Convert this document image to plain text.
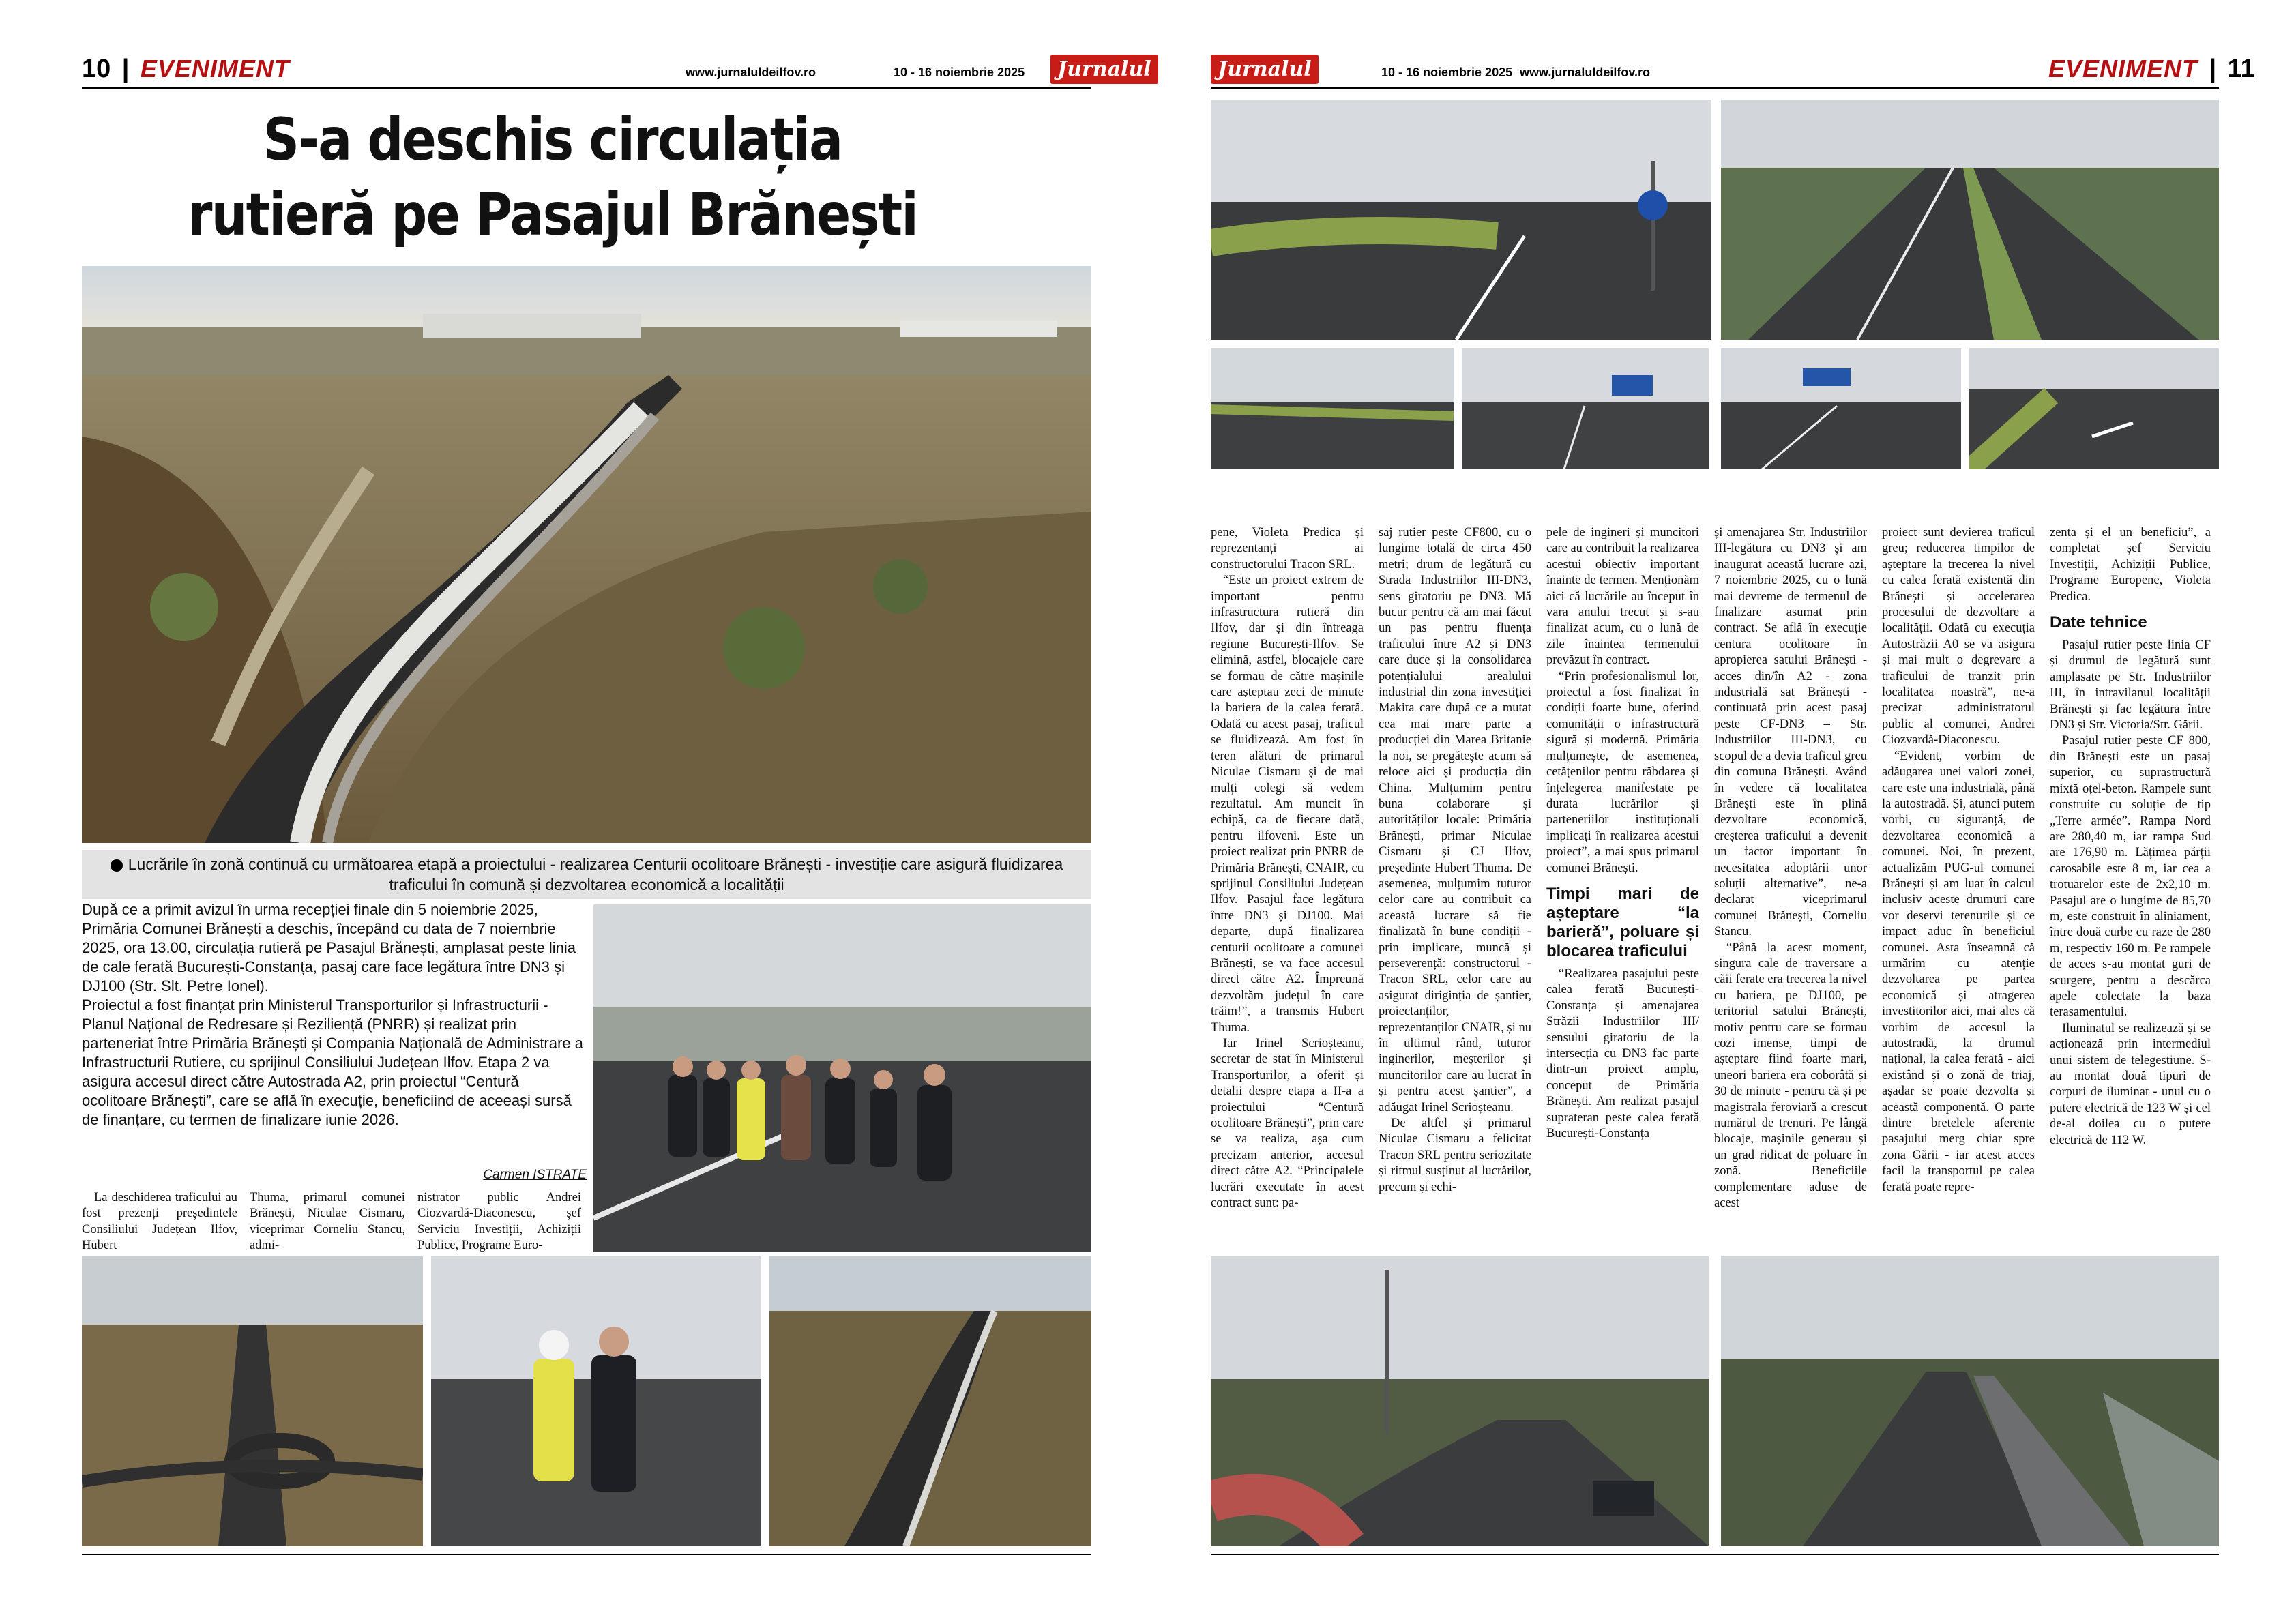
10 | EVENIMENT	www.jurnaluldeilfov.ro	10 - 16 noiembrie 2025	Jurnalul
S-a deschis circulația rutieră pe Pasajul Brănești
Lucrările în zonă continuă cu următoarea etapă a proiectului - realizarea Centurii ocolitoare Brănești - investiție care asigură fluidizarea traficului în comună și dezvoltarea economică a localității

După ce a primit avizul în urma recepției finale din 5 noiembrie 2025, Primăria Comunei Brănești a deschis, începând cu data de 7 noiembrie 2025, ora 13.00, circulația rutieră pe Pasajul Brănești, amplasat peste linia de cale ferată București-Constanța, pasaj care face legătura între DN3 și DJ100 (Str. Slt. Petre Ionel).

Proiectul a fost finanțat prin Ministerul Transporturilor și Infrastructurii - Planul Național de Redresare și Reziliență (PNRR) și realizat prin parteneriat între Primăria Brănești și Compania Națională de Administrare a Infrastructurii Rutiere, cu sprijinul Consiliului Județean Ilfov. Etapa 2 va asigura accesul direct către Autostrada A2, prin proiectul “Centură ocolitoare Brănești”, care se află în execuție, beneficiind de aceeași sursă de finanțare, cu termen de finalizare iunie 2026.

Carmen ISTRATE

La deschiderea traficului au fost prezenți președintele Consiliului Județean Ilfov, Hubert

Thuma, primarul comunei Brănești, Niculae Cismaru, viceprimar Corneliu Stancu, admi-

nistrator public Andrei Ciozvardă-Diaconescu, șef Serviciu Investiții, Achiziții Publice, Programe Euro-

Jurnalul	10 - 16 noiembrie 2025 www.jurnaluldeilfov.ro	EVENIMENT | 11

pene, Violeta Predica și reprezentanți ai constructorului Tracon SRL.

“Este un proiect extrem de important pentru infrastructura rutieră din Ilfov, dar și din întreaga regiune București-Ilfov. Se elimină, astfel, blocajele care se formau de către mașinile care așteptau zeci de minute la bariera de la calea ferată. Odată cu acest pasaj, traficul se fluidizează. Am fost în teren alături de primarul Niculae Cismaru și de mai mulți colegi să vedem rezultatul. Am muncit în echipă, ca de fiecare dată, pentru ilfoveni. Este un proiect realizat prin PNRR de Primăria Brănești, CNAIR, cu sprijinul Consiliului Județean Ilfov. Pasajul face legătura între DN3 și DJ100. Mai departe, după finalizarea centurii ocolitoare a comunei Brănești, se va face accesul direct către A2. Împreună dezvoltăm județul în care trăim!”, a transmis Hubert Thuma.

Iar Irinel Scrioșteanu, secretar de stat în Ministerul Transporturilor, a oferit și detalii despre etapa a II-a a proiectului “Centură ocolitoare Brănești”, prin care se va realiza, așa cum precizam anterior, accesul direct către A2. “Principalele lucrări executate în acest contract sunt: pa-

saj rutier peste CF800, cu o lungime totală de circa 450 metri; drum de legătură cu Strada Industriilor III-DN3, sens giratoriu pe DN3. Mă bucur pentru că am mai făcut un pas pentru fluența traficului între A2 și DN3 care duce și la consolidarea potențialului arealului industrial din zona investiției Makita care după ce a mutat cea mai mare parte a producției din Marea Britanie la noi, se pregătește acum să reloce aici și producția din China. Mulțumim pentru buna colaborare și autorităților locale: Primăria Brănești, primar Niculae Cismaru și CJ Ilfov, președinte Hubert Thuma. De asemenea, mulțumim tuturor celor care au contribuit ca această lucrare să fie finalizată în bune condiții - prin implicare, muncă și perseverență: constructorul - Tracon SRL, celor care au asigurat diriginția de șantier, proiectanților, reprezentanților CNAIR, și nu în ultimul rând, tuturor inginerilor, meșterilor și muncitorilor care au lucrat în și pentru acest șantier”, a adăugat Irinel Scrioșteanu.

De altfel și primarul Niculae Cismaru a felicitat Tracon SRL pentru seriozitate și ritmul susținut al lucrărilor, precum și echi-

pele de ingineri și muncitori care au contribuit la realizarea acestui obiectiv important înainte de termen. Menționăm aici că lucrările au început în vara anului trecut și s-au finalizat acum, cu o lună de zile înaintea termenului prevăzut în contract.

“Prin profesionalismul lor, proiectul a fost finalizat în condiții foarte bune, oferind comunității o infrastructură sigură și modernă. Primăria mulțumește, de asemenea, cetățenilor pentru răbdarea și înțelegerea manifestate pe durata lucrărilor și parteneriilor instituționali implicați în realizarea acestui proiect”, a mai spus primarul comunei Brănești.

Timpi mari de așteptare “la barieră”, poluare și blocarea traficului

“Realizarea pasajului peste calea ferată București-Constanța și amenajarea Străzii Industriilor III/ sensului giratoriu de la intersecția cu DN3 fac parte dintr-un proiect amplu, conceput de Primăria Brănești. Am realizat pasajul suprateran peste calea ferată București-Constanța

și amenajarea Str. Industriilor III-legătura cu DN3 și am inaugurat această lucrare azi, 7 noiembrie 2025, cu o lună mai devreme de termenul de finalizare asumat prin contract. Se află în execuție centura ocolitoare în apropierea satului Brănești - acces din/în A2 - zona industrială sat Brănești - continuată prin acest pasaj peste CF-DN3 – Str. Industriilor III-DN3, cu scopul de a devia traficul greu din comuna Brănești. Având în vedere că localitatea Brănești este în plină dezvoltare economică, creșterea traficului a devenit un factor important în necesitatea adoptării unor soluții alternative”, ne-a declarat viceprimarul comunei Brănești, Corneliu Stancu.

“Până la acest moment, singura cale de traversare a căii ferate era trecerea la nivel cu bariera, pe DJ100, pe teritoriul satului Brănești, motiv pentru care se formau cozi imense, timpi de așteptare fiind foarte mari, uneori bariera era coborâtă și 30 de minute - pentru că și pe magistrala feroviară a crescut numărul de trenuri. Pe lângă blocaje, mașinile generau și un grad ridicat de poluare în zonă. Beneficiile complementare aduse de acest

proiect sunt devierea traficul greu; reducerea timpilor de așteptare la trecerea la nivel cu calea ferată existentă din Brănești și accelerarea procesului de dezvoltare a localității. Odată cu execuția Autostrăzii A0 se va asigura și mai mult o degrevare a traficului de tranzit prin localitatea noastră”, ne-a precizat administratorul public al comunei, Andrei Ciozvardă-Diaconescu.

“Evident, vorbim de adăugarea unei valori zonei, care este una industrială, până la autostradă. Și, atunci putem vorbi, cu siguranță, de dezvoltarea economică a comunei. Noi, în prezent, actualizăm PUG-ul comunei Brănești și am luat în calcul inclusiv aceste drumuri care vor deservi terenurile și ce impact aduc în beneficiul comunei. Asta înseamnă că urmărim cu atenție dezvoltarea pe partea economică și atragerea investitorilor aici, mai ales că vorbim de accesul la autostradă, la drumul național, la calea ferată - aici existând și o zonă de triaj, așadar se poate dezvolta și această componentă. O parte dintre bretelele aferente pasajului merg chiar spre zona Gării - iar acest acces facil la transportul pe calea ferată poate repre-

zenta și el un beneficiu”, a completat șef Serviciu Investiții, Achiziții Publice, Programe Europene, Violeta Predica.

Date tehnice

Pasajul rutier peste linia CF și drumul de legătură sunt amplasate pe Str. Industriilor III, în intravilanul localității Brănești și fac legătura între DN3 și Str. Victoria/Str. Gării.

Pasajul rutier peste CF 800, din Brănești este un pasaj superior, cu suprastructură mixtă oțel-beton. Rampele sunt construite cu soluție de tip „Terre armée”. Rampa Nord are 280,40 m, iar rampa Sud are 176,90 m. Lățimea părții carosabile este 8 m, iar cea a trotuarelor este de 2x2,10 m. Pasajul are o lungime de 85,70 m, este construit în aliniament, între două curbe cu raze de 280 m, respectiv 160 m. Pe rampele de acces s-au montat guri de scurgere, pentru a descărca apele colectate la baza terasamentului.

Iluminatul se realizează și se acționează prin intermediul unui sistem de telegestiune. S-au montat două tipuri de corpuri de iluminat - unul cu o putere electrică de 123 W și cel de-al doilea cu o putere electrică de 112 W.
